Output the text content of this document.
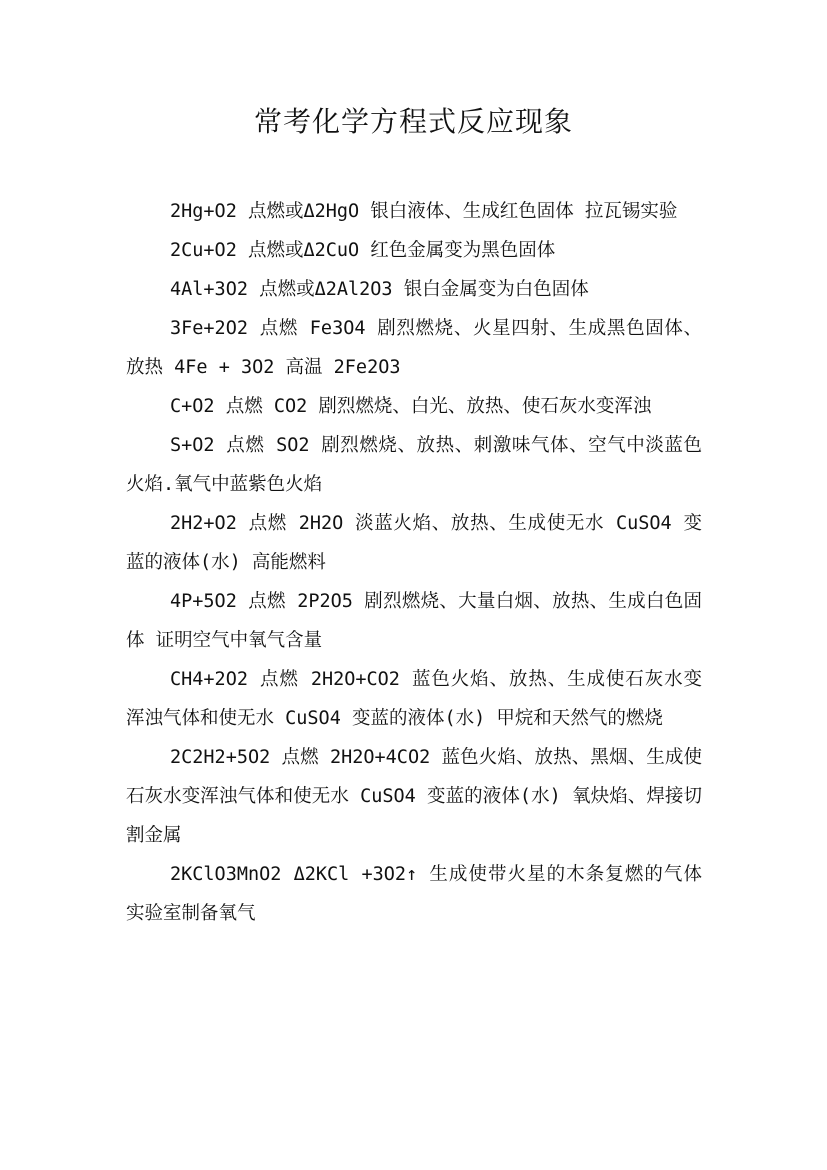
常考化学方程式反应现象

2Hg+O2 点燃或Δ2HgO 银白液体、生成红色固体 拉瓦锡实验

2Cu+O2 点燃或Δ2CuO 红色金属变为黑色固体

4Al+3O2 点燃或Δ2Al2O3 银白金属变为白色固体

3Fe+2O2 点燃 Fe3O4 剧烈燃烧、火星四射、生成黑色固体、放热 4Fe + 3O2 高温 2Fe2O3

C+O2 点燃 CO2 剧烈燃烧、白光、放热、使石灰水变浑浊

S+O2 点燃 SO2 剧烈燃烧、放热、刺激味气体、空气中淡蓝色火焰.氧气中蓝紫色火焰

2H2+O2 点燃 2H2O 淡蓝火焰、放热、生成使无水 CuSO4 变蓝的液体(水) 高能燃料

4P+5O2 点燃 2P2O5 剧烈燃烧、大量白烟、放热、生成白色固体 证明空气中氧气含量

CH4+2O2 点燃 2H2O+CO2 蓝色火焰、放热、生成使石灰水变浑浊气体和使无水 CuSO4 变蓝的液体(水) 甲烷和天然气的燃烧

2C2H2+5O2 点燃 2H2O+4CO2 蓝色火焰、放热、黑烟、生成使石灰水变浑浊气体和使无水 CuSO4 变蓝的液体(水) 氧炔焰、焊接切割金属

2KClO3MnO2 Δ2KCl +3O2↑ 生成使带火星的木条复燃的气体 实验室制备氧气
